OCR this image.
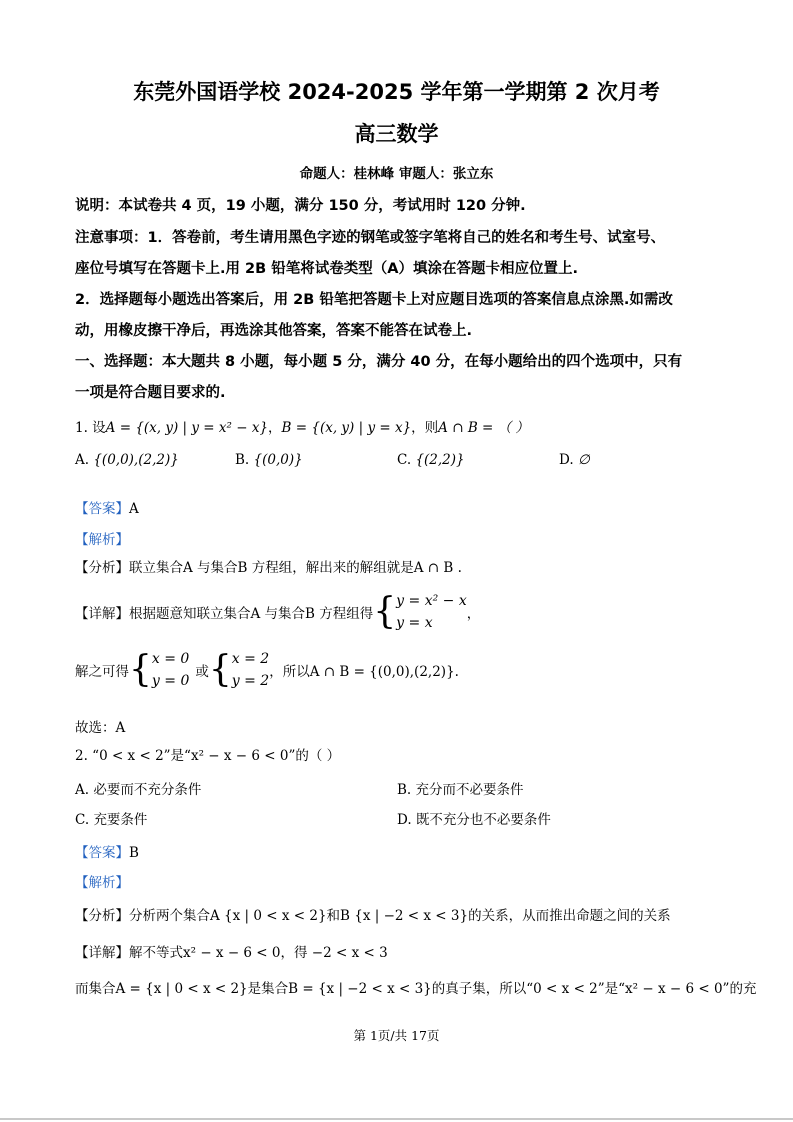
东莞外国语学校 2024-2025 学年第一学期第 2 次月考
高三数学
命题人：桂林峰 审题人：张立东
说明：本试卷共 4 页，19 小题，满分 150 分，考试用时 120 分钟.
注意事项：1．答卷前，考生请用黑色字迹的钢笔或签字笔将自己的姓名和考生号、试室号、
座位号填写在答题卡上.用 2B 铅笔将试卷类型（A）填涂在答题卡相应位置上.
2．选择题每小题选出答案后，用 2B 铅笔把答题卡上对应题目选项的答案信息点涂黑.如需改
动，用橡皮擦干净后，再选涂其他答案，答案不能答在试卷上.
一、选择题：本大题共 8 小题，每小题 5 分，满分 40 分，在每小题给出的四个选项中，只有
一项是符合题目要求的.
1. 设A = {(x, y) | y = x² − x}，B = {(x, y) | y = x}，则A ∩ B = （ ）
A. {(0,0),(2,2)}	B. {(0,0)}	C. {(2,2)}	D. ∅
【答案】A
【解析】
【分析】联立集合A 与集合B 方程组，解出来的解组就是A ∩ B .
【详解】根据题意知联立集合A 与集合B 方程组得 { y = x² − x
y = x
，
解之可得 { x = 0
y = 0
或 { x = 2
y = 2
，所以A ∩ B = {(0,0),(2,2)}.
故选：A
2. “0 < x < 2”是“x² − x − 6 < 0”的（ ）
A. 必要而不充分条件	B. 充分而不必要条件
C. 充要条件	D. 既不充分也不必要条件
【答案】B
【解析】
【分析】分析两个集合A {x | 0 < x < 2}和B {x | −2 < x < 3}的关系，从而推出命题之间的关系
【详解】解不等式x² − x − 6 < 0，得 −2 < x < 3
而集合A = {x | 0 < x < 2}是集合B = {x | −2 < x < 3}的真子集，所以“0 < x < 2”是“x² − x − 6 < 0”的充
第 1页/共 17页
